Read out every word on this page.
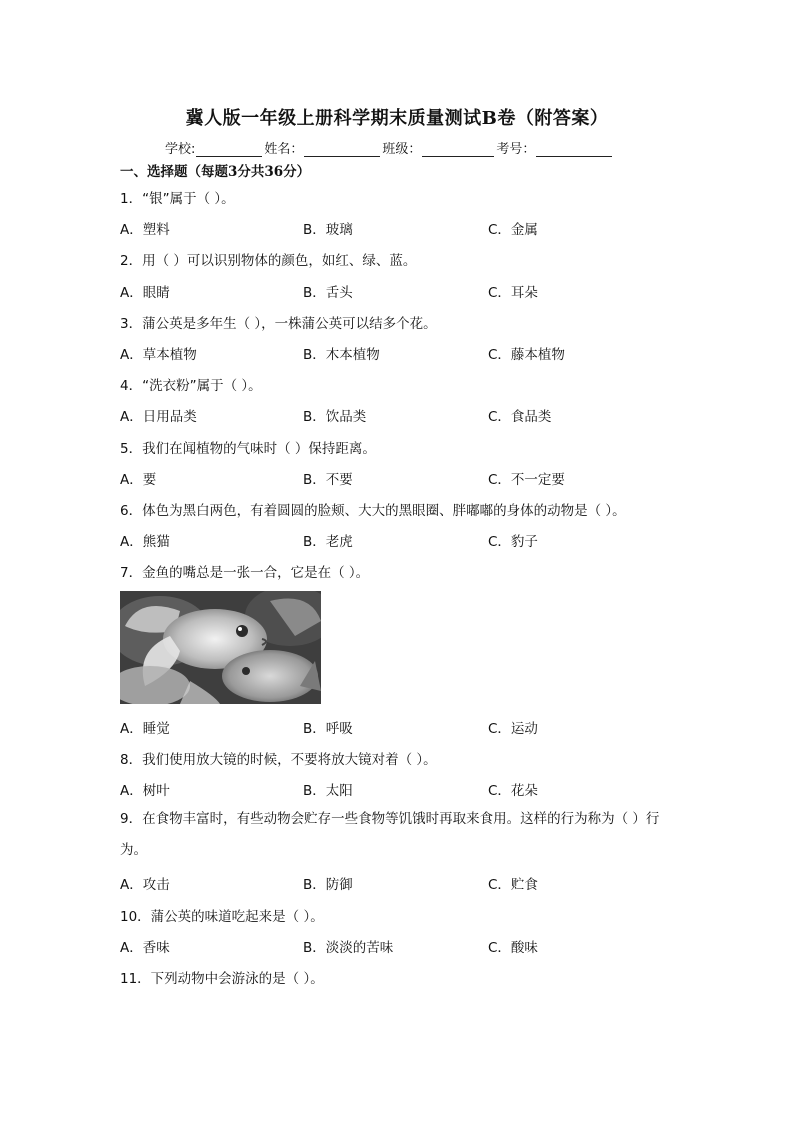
冀人版一年级上册科学期末质量测试B卷（附答案）
学校:	姓名：	班级：	考号：
一、选择题（每题3分共36分）
1．“银”属于（ ）。
A．塑料	B．玻璃	C．金属
2．用（ ）可以识别物体的颜色，如红、绿、蓝。
A．眼睛	B．舌头	C．耳朵
3．蒲公英是多年生（ ），一株蒲公英可以结多个花。
A．草本植物	B．木本植物	C．藤本植物
4．“洗衣粉”属于（ ）。
A．日用品类	B．饮品类	C．食品类
5．我们在闻植物的气味时（ ）保持距离。
A．要	B．不要	C．不一定要
6．体色为黑白两色，有着圆圆的脸颊、大大的黑眼圈、胖嘟嘟的身体的动物是（ ）。
A．熊猫	B．老虎	C．豹子
7．金鱼的嘴总是一张一合，它是在（ ）。
A．睡觉	B．呼吸	C．运动
8．我们使用放大镜的时候，不要将放大镜对着（ ）。
A．树叶	B．太阳	C．花朵
9．在食物丰富时，有些动物会贮存一些食物等饥饿时再取来食用。这样的行为称为（ ）行为。
A．攻击	B．防御	C．贮食
10．蒲公英的味道吃起来是（ ）。
A．香味	B．淡淡的苦味	C．酸味
11．下列动物中会游泳的是（ ）。
